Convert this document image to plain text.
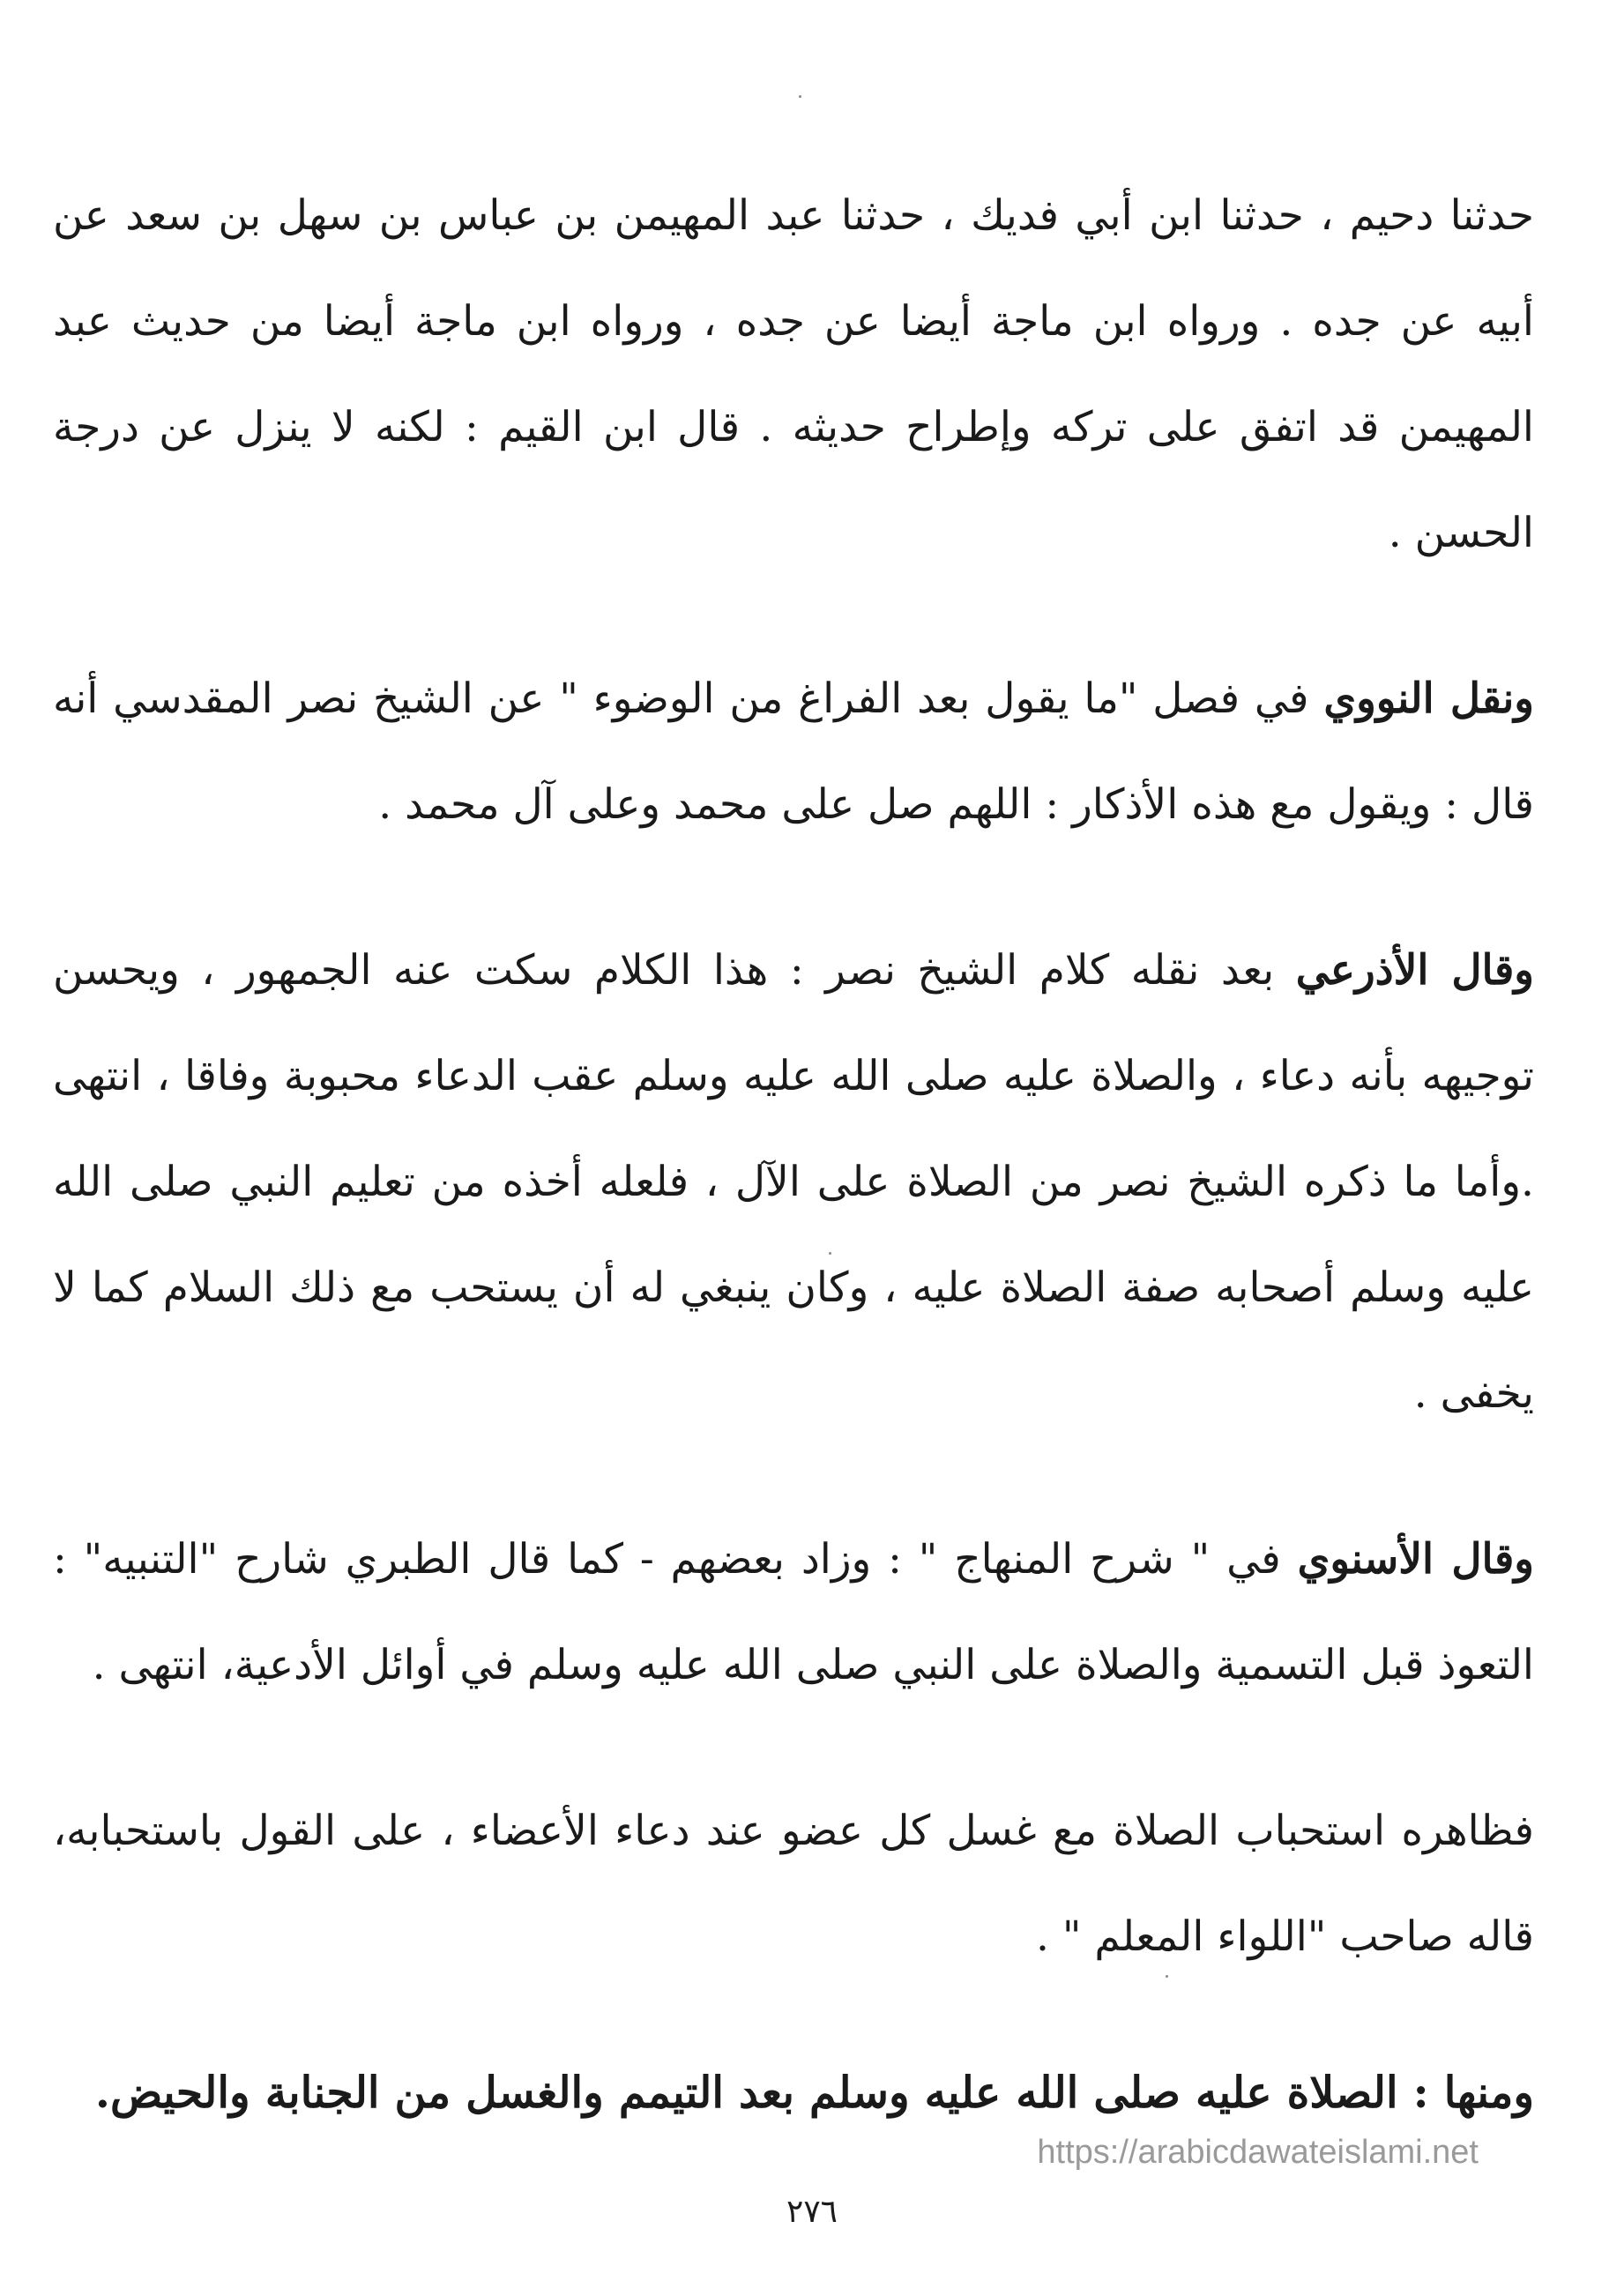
حدثنا دحيم ، حدثنا ابن أبي فديك ، حدثنا عبد المهيمن بن عباس بن سهل بن سعد عن أبيه عن جده . ورواه ابن ماجة أيضا عن جده ، ورواه ابن ماجة أيضا من حديث عبد المهيمن قد اتفق على تركه وإطراح حديثه . قال ابن القيم : لكنه لا ينزل عن درجة الحسن .

ونقل النووي في فصل "ما يقول بعد الفراغ من الوضوء " عن الشيخ نصر المقدسي أنه قال : ويقول مع هذه الأذكار : اللهم صل على محمد وعلى آل محمد .

وقال الأذرعي بعد نقله كلام الشيخ نصر : هذا الكلام سكت عنه الجمهور ، ويحسن توجيهه بأنه دعاء ، والصلاة عليه صلى الله عليه وسلم عقب الدعاء محبوبة وفاقا ، انتهى .وأما ما ذكره الشيخ نصر من الصلاة على الآل ، فلعله أخذه من تعليم النبي صلى الله عليه وسلم أصحابه صفة الصلاة عليه ، وكان ينبغي له أن يستحب مع ذلك السلام كما لا يخفى .

وقال الأسنوي في " شرح المنهاج " : وزاد بعضهم - كما قال الطبري شارح "التنبيه" : التعوذ قبل التسمية والصلاة على النبي صلى الله عليه وسلم في أوائل الأدعية، انتهى .

فظاهره استحباب الصلاة مع غسل كل عضو عند دعاء الأعضاء ، على القول باستحبابه، قاله صاحب "اللواء المعلم " .

ومنها : الصلاة عليه صلى الله عليه وسلم بعد التيمم والغسل من الجنابة والحيض.

https://arabicdawateislami.net
٢٧٦
